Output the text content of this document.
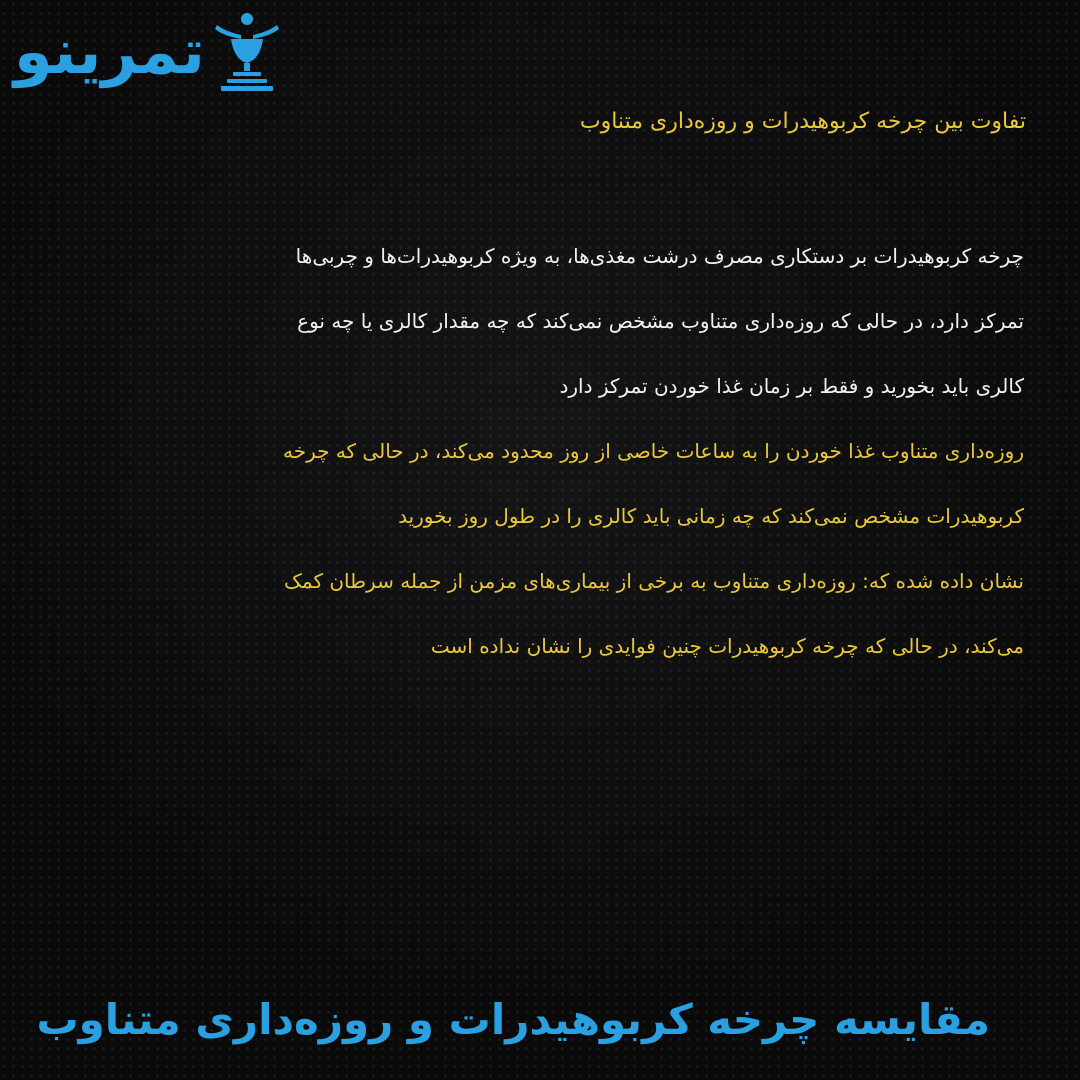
تمرینو
تفاوت بین چرخه کربوهیدرات و روزه‌داری متناوب

چرخه کربوهیدرات بر دستکاری مصرف درشت مغذی‌ها، به ویژه کربوهیدرات‌ها و چربی‌ها
تمرکز دارد، در حالی که روزه‌داری متناوب مشخص نمی‌کند که چه مقدار کالری یا چه نوع
کالری باید بخورید و فقط بر زمان غذا خوردن تمرکز دارد

روزه‌داری متناوب غذا خوردن را به ساعات خاصی از روز محدود می‌کند، در حالی که چرخه
کربوهیدرات مشخص نمی‌کند که چه زمانی باید کالری را در طول روز بخورید

نشان داده شده که: روزه‌داری متناوب به برخی از بیماری‌های مزمن از جمله سرطان کمک
می‌کند، در حالی که چرخه کربوهیدرات چنین فوایدی را نشان نداده است

مقایسه چرخه کربوهیدرات و روزه‌داری متناوب
